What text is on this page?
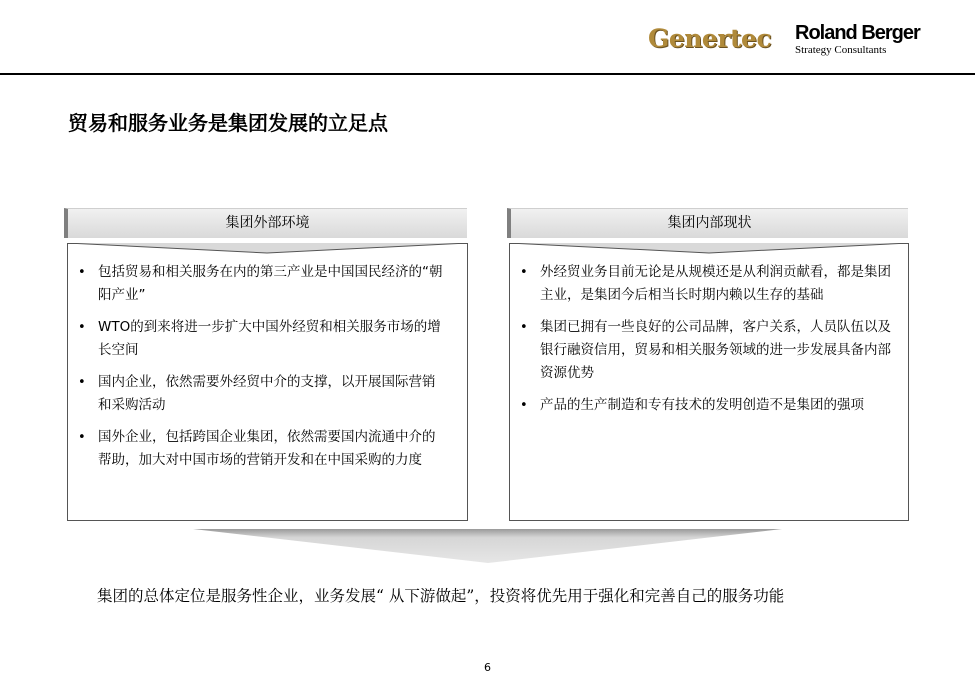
Genertec Roland Berger
Strategy Consultants
贸易和服务业务是集团发展的立足点
集团外部环境
• 包括贸易和相关服务在内的第三产业是中国国民经济的“朝阳产业”
• WTO的到来将进一步扩大中国外经贸和相关服务市场的增长空间
• 国内企业，依然需要外经贸中介的支撑，以开展国际营销和采购活动
• 国外企业，包括跨国企业集团，依然需要国内流通中介的帮助，加大对中国市场的营销开发和在中国采购的力度
集团内部现状
• 外经贸业务目前无论是从规模还是从利润贡献看，都是集团主业，是集团今后相当长时期内赖以生存的基础
• 集团已拥有一些良好的公司品牌，客户关系，人员队伍以及银行融资信用，贸易和相关服务领域的进一步发展具备内部资源优势
• 产品的生产制造和专有技术的发明创造不是集团的强项
集团的总体定位是服务性企业，业务发展“ 从下游做起”，投资将优先用于强化和完善自己的服务功能
6
